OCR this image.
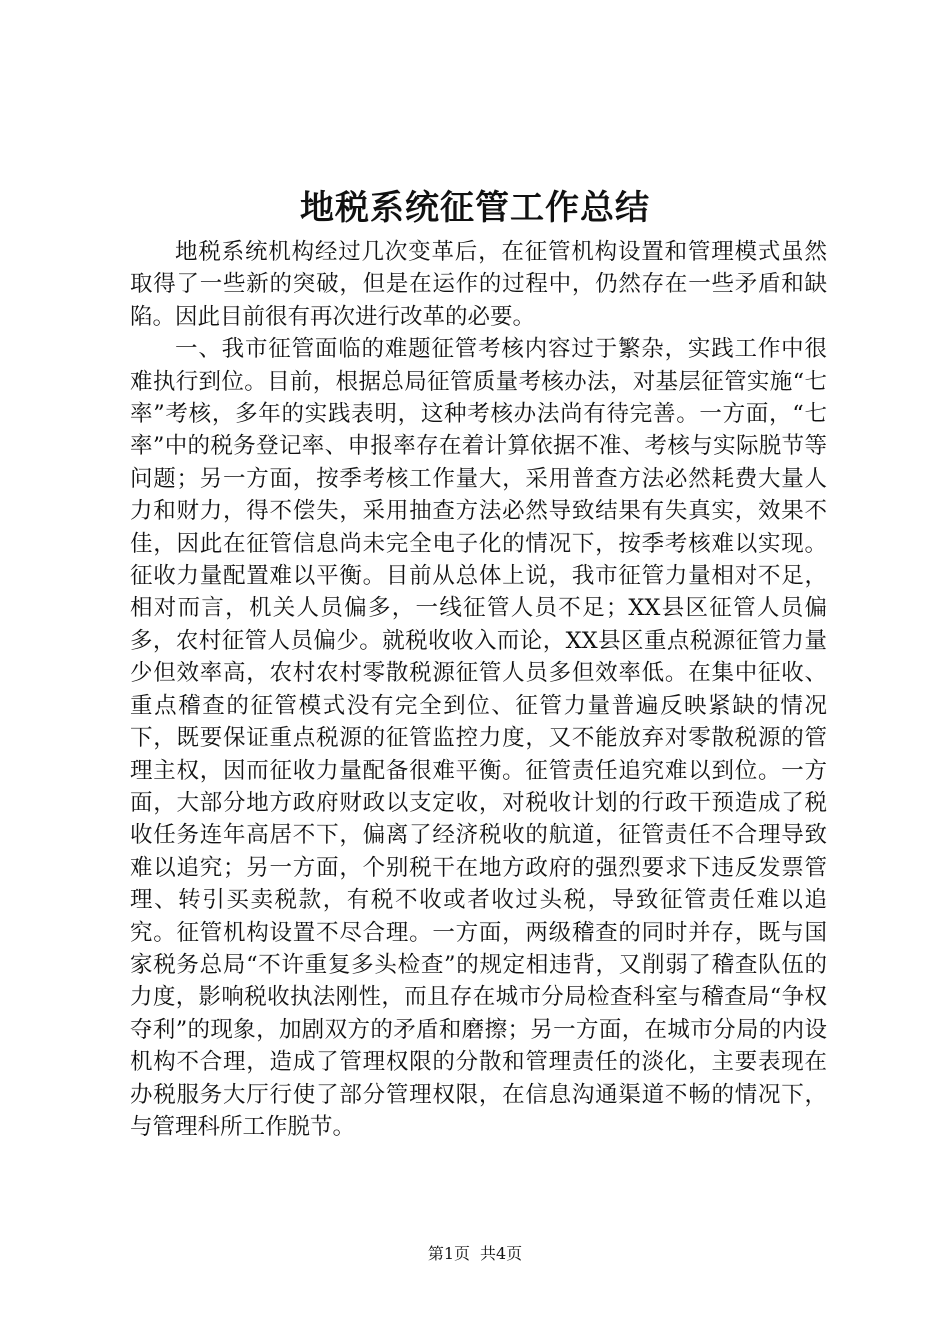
地税系统征管工作总结

地税系统机构经过几次变革后，在征管机构设置和管理模式虽然取得了一些新的突破，但是在运作的过程中，仍然存在一些矛盾和缺陷。因此目前很有再次进行改革的必要。

一、我市征管面临的难题征管考核内容过于繁杂，实践工作中很难执行到位。目前，根据总局征管质量考核办法，对基层征管实施“七率”考核，多年的实践表明，这种考核办法尚有待完善。一方面，“七率”中的税务登记率、申报率存在着计算依据不准、考核与实际脱节等问题；另一方面，按季考核工作量大，采用普查方法必然耗费大量人力和财力，得不偿失，采用抽查方法必然导致结果有失真实，效果不佳，因此在征管信息尚未完全电子化的情况下，按季考核难以实现。征收力量配置难以平衡。目前从总体上说，我市征管力量相对不足，相对而言，机关人员偏多，一线征管人员不足；XX县区征管人员偏多，农村征管人员偏少。就税收收入而论，XX县区重点税源征管力量少但效率高，农村农村零散税源征管人员多但效率低。在集中征收、重点稽查的征管模式没有完全到位、征管力量普遍反映紧缺的情况下，既要保证重点税源的征管监控力度，又不能放弃对零散税源的管理主权，因而征收力量配备很难平衡。征管责任追究难以到位。一方面，大部分地方政府财政以支定收，对税收计划的行政干预造成了税收任务连年高居不下，偏离了经济税收的航道，征管责任不合理导致难以追究；另一方面，个别税干在地方政府的强烈要求下违反发票管理、转引买卖税款，有税不收或者收过头税，导致征管责任难以追究。征管机构设置不尽合理。一方面，两级稽查的同时并存，既与国家税务总局“不许重复多头检查”的规定相违背，又削弱了稽查队伍的力度，影响税收执法刚性，而且存在城市分局检查科室与稽查局“争权夺利”的现象，加剧双方的矛盾和磨擦；另一方面，在城市分局的内设机构不合理，造成了管理权限的分散和管理责任的淡化，主要表现在办税服务大厅行使了部分管理权限，在信息沟通渠道不畅的情况下，与管理科所工作脱节。

第1页 共4页
